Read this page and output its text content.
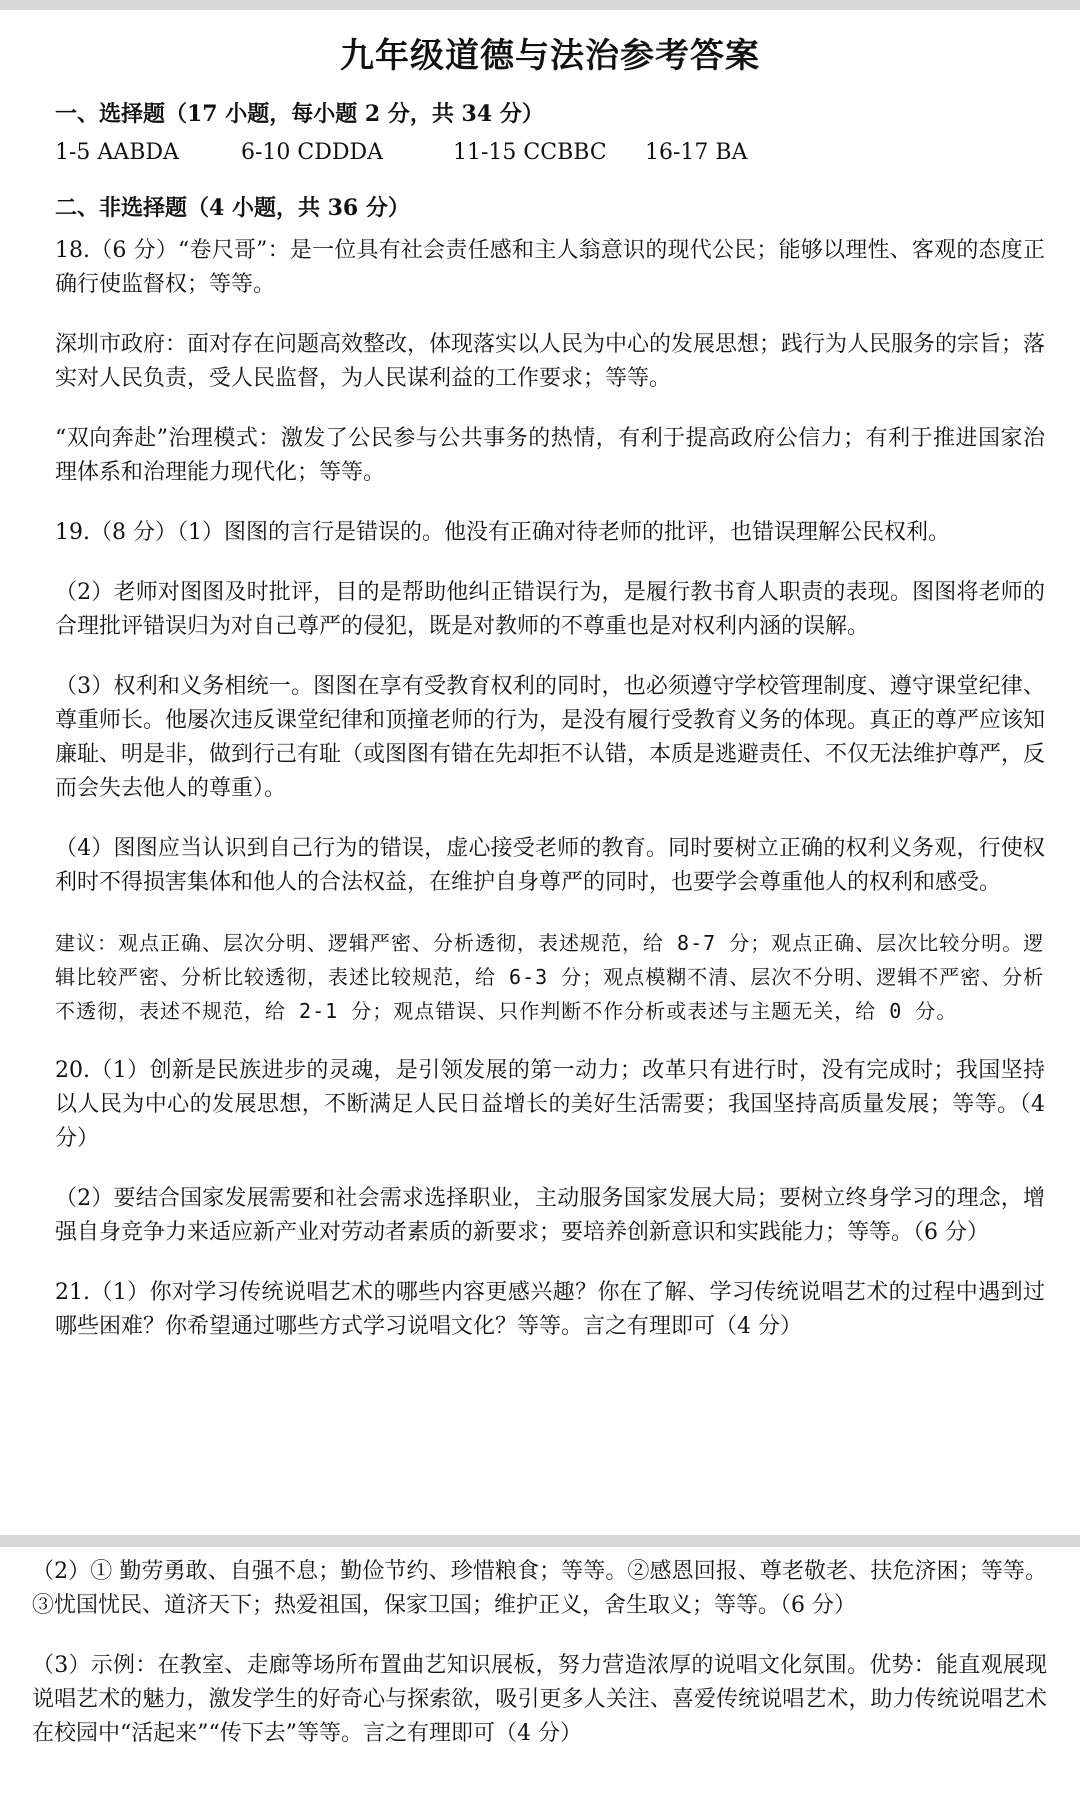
九年级道德与法治参考答案
一、选择题（17 小题，每小题 2 分，共 34 分）
1-5 AABDA	6-10 CDDDA	11-15 CCBBC	16-17 BA
二、非选择题（4 小题，共 36 分）
18.（6 分）“卷尺哥”：是一位具有社会责任感和主人翁意识的现代公民；能够以理性、客观的态度正确行使监督权；等等。
深圳市政府：面对存在问题高效整改，体现落实以人民为中心的发展思想；践行为人民服务的宗旨；落实对人民负责，受人民监督，为人民谋利益的工作要求；等等。
“双向奔赴”治理模式：激发了公民参与公共事务的热情，有利于提高政府公信力；有利于推进国家治理体系和治理能力现代化；等等。
19.（8 分）（1）图图的言行是错误的。他没有正确对待老师的批评，也错误理解公民权利。
（2）老师对图图及时批评，目的是帮助他纠正错误行为，是履行教书育人职责的表现。图图将老师的合理批评错误归为对自己尊严的侵犯，既是对教师的不尊重也是对权利内涵的误解。
（3）权利和义务相统一。图图在享有受教育权利的同时，也必须遵守学校管理制度、遵守课堂纪律、尊重师长。他屡次违反课堂纪律和顶撞老师的行为，是没有履行受教育义务的体现。真正的尊严应该知廉耻、明是非，做到行己有耻（或图图有错在先却拒不认错，本质是逃避责任、不仅无法维护尊严，反而会失去他人的尊重）。
（4）图图应当认识到自己行为的错误，虚心接受老师的教育。同时要树立正确的权利义务观，行使权利时不得损害集体和他人的合法权益，在维护自身尊严的同时，也要学会尊重他人的权利和感受。
建议：观点正确、层次分明、逻辑严密、分析透彻，表述规范，给 8-7 分；观点正确、层次比较分明。逻辑比较严密、分析比较透彻，表述比较规范，给 6-3 分；观点模糊不清、层次不分明、逻辑不严密、分析不透彻，表述不规范，给 2-1 分；观点错误、只作判断不作分析或表述与主题无关，给 0 分。
20.（1）创新是民族进步的灵魂，是引领发展的第一动力；改革只有进行时，没有完成时；我国坚持以人民为中心的发展思想，不断满足人民日益增长的美好生活需要；我国坚持高质量发展；等等。（4 分）
（2）要结合国家发展需要和社会需求选择职业，主动服务国家发展大局；要树立终身学习的理念，增强自身竞争力来适应新产业对劳动者素质的新要求；要培养创新意识和实践能力；等等。（6 分）
21.（1）你对学习传统说唱艺术的哪些内容更感兴趣？你在了解、学习传统说唱艺术的过程中遇到过哪些困难？你希望通过哪些方式学习说唱文化？等等。言之有理即可（4 分）
（2）① 勤劳勇敢、自强不息；勤俭节约、珍惜粮食；等等。②感恩回报、尊老敬老、扶危济困；等等。③忧国忧民、道济天下；热爱祖国，保家卫国；维护正义，舍生取义；等等。（6 分）
（3）示例：在教室、走廊等场所布置曲艺知识展板，努力营造浓厚的说唱文化氛围。优势：能直观展现说唱艺术的魅力，激发学生的好奇心与探索欲，吸引更多人关注、喜爱传统说唱艺术，助力传统说唱艺术在校园中“活起来”“传下去”等等。言之有理即可（4 分）
